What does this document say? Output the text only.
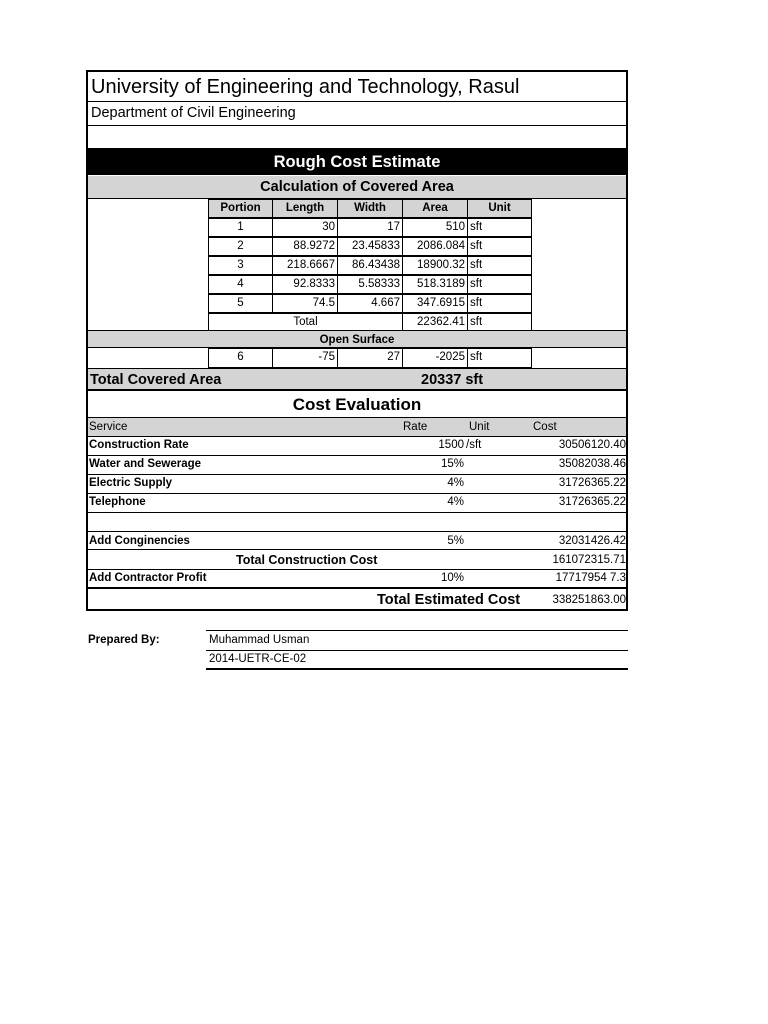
University of Engineering and Technology, Rasul
Department of Civil Engineering
Rough Cost Estimate
Calculation of Covered Area
Portion	Length	Width	Area	Unit
1	30	17	510 sft
2	88.9272	23.45833	2086.084 sft
3	218.6667	86.43438	18900.32 sft
4	92.8333	5.58333	518.3189 sft
5	74.5	4.667	347.6915 sft
Total	22362.41 sft
Open Surface
6	-75	27	-2025 sft
Total Covered Area	20337 sft
Cost Evaluation
Service	Rate	Unit	Cost
Construction Rate	1500 /sft	30506120.40
Water and Sewerage	15%	35082038.46
Electric Supply	4%	31726365.22
Telephone	4%	31726365.22
Add Conginencies	5%	32031426.42
Total Construction Cost	161072315.71
Add Contractor Profit	10%	17717954 7.3
Total Estimated Cost	338251863.00
Prepared By:	Muhammad Usman
2014-UETR-CE-02
